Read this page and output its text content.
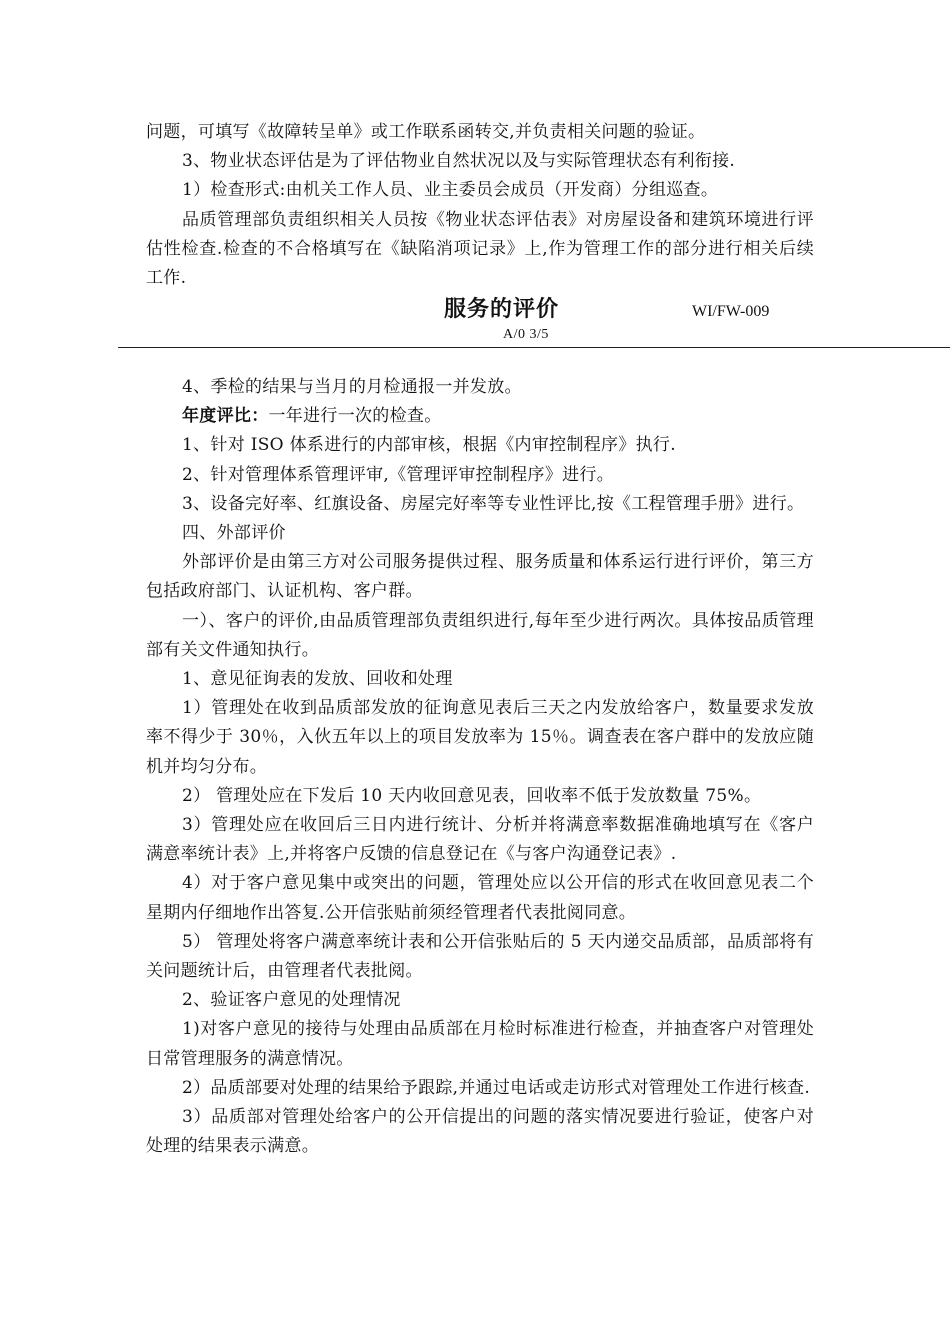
问题，可填写《故障转呈单》或工作联系函转交,并负责相关问题的验证。

3、物业状态评估是为了评估物业自然状况以及与实际管理状态有利衔接.

1）检查形式:由机关工作人员、业主委员会成员（开发商）分组巡查。

品质管理部负责组织相关人员按《物业状态评估表》对房屋设备和建筑环境进行评估性检查.检查的不合格填写在《缺陷消项记录》上,作为管理工作的部分进行相关后续工作.

服务的评价	WI/FW-009
A/0 3/5

4、季检的结果与当月的月检通报一并发放。

年度评比：一年进行一次的检查。

1、针对 ISO 体系进行的内部审核，根据《内审控制程序》执行.

2、针对管理体系管理评审,《管理评审控制程序》进行。

3、设备完好率、红旗设备、房屋完好率等专业性评比,按《工程管理手册》进行。

四、外部评价

外部评价是由第三方对公司服务提供过程、服务质量和体系运行进行评价，第三方包括政府部门、认证机构、客户群。

一）、客户的评价,由品质管理部负责组织进行,每年至少进行两次。具体按品质管理部有关文件通知执行。

1、意见征询表的发放、回收和处理

1）管理处在收到品质部发放的征询意见表后三天之内发放给客户，数量要求发放率不得少于 30％，入伙五年以上的项目发放率为 15％。调查表在客户群中的发放应随机并均匀分布。

2） 管理处应在下发后 10 天内收回意见表，回收率不低于发放数量 75%。

3）管理处应在收回后三日内进行统计、分析并将满意率数据准确地填写在《客户满意率统计表》上,并将客户反馈的信息登记在《与客户沟通登记表》.

4）对于客户意见集中或突出的问题，管理处应以公开信的形式在收回意见表二个星期内仔细地作出答复.公开信张贴前须经管理者代表批阅同意。

5） 管理处将客户满意率统计表和公开信张贴后的 5 天内递交品质部，品质部将有关问题统计后，由管理者代表批阅。

2、验证客户意见的处理情况

1)对客户意见的接待与处理由品质部在月检时标准进行检查，并抽查客户对管理处日常管理服务的满意情况。

2）品质部要对处理的结果给予跟踪,并通过电话或走访形式对管理处工作进行核查.

3）品质部对管理处给客户的公开信提出的问题的落实情况要进行验证，使客户对处理的结果表示满意。
